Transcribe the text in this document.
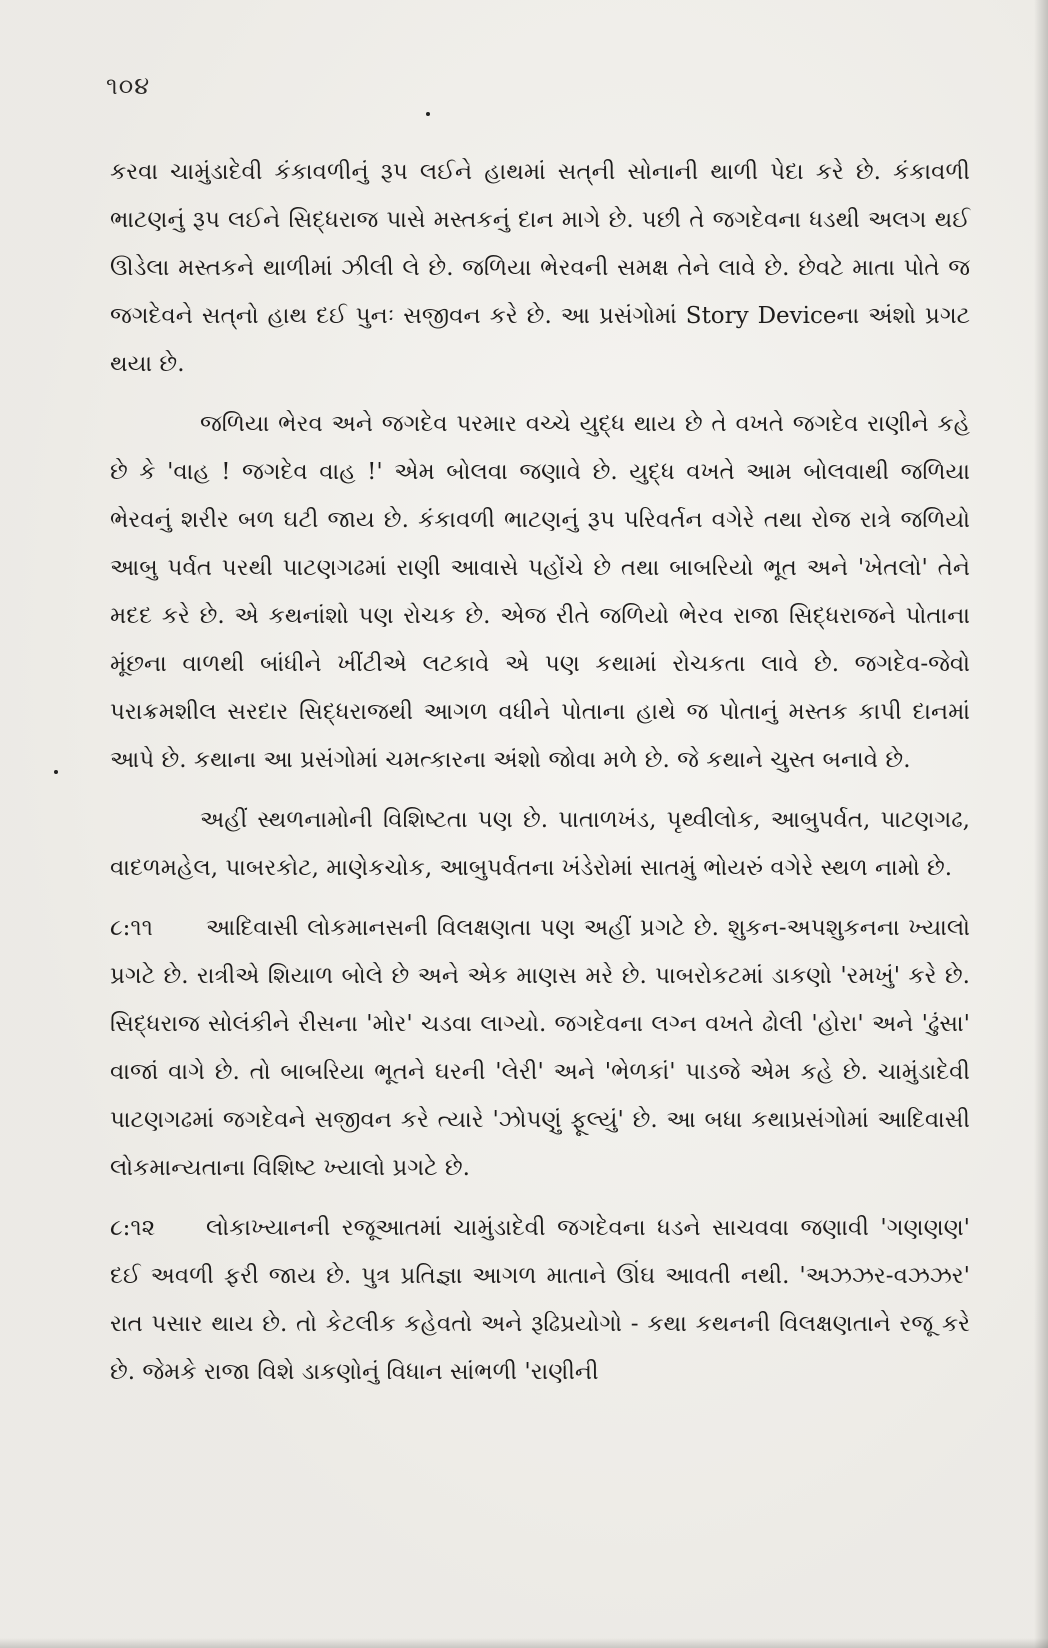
૧૦૪

કરવા ચામુંડાદેવી કંકાવળીનું રૂપ લઈને હાથમાં સત્‌ની સોનાની થાળી પેદા કરે છે. કંકાવળી ભાટણનું રૂપ લઈને સિદ્ધરાજ પાસે મસ્તકનું દાન માગે છે. પછી તે જગદેવના ધડથી અલગ થઈ ઊડેલા મસ્તકને થાળીમાં ઝીલી લે છે. જળિયા ભેરવની સમક્ષ તેને લાવે છે. છેવટે માતા પોતે જ જગદેવને સત્‌નો હાથ દઈ પુનઃ સજીવન કરે છે. આ પ્રસંગોમાં Story Deviceના અંશો પ્રગટ થયા છે.

જળિયા ભેરવ અને જગદેવ પરમાર વચ્ચે યુદ્ધ થાય છે તે વખતે જગદેવ રાણીને કહે છે કે 'વાહ ! જગદેવ વાહ !' એમ બોલવા જણાવે છે. યુદ્ધ વખતે આમ બોલવાથી જળિયા ભેરવનું શરીર બળ ઘટી જાય છે. કંકાવળી ભાટણનું રૂપ પરિવર્તન વગેરે તથા રોજ રાત્રે જળિયો આબુ પર્વત પરથી પાટણગઢમાં રાણી આવાસે પહોંચે છે તથા બાબરિયો ભૂત અને 'ખેતલો' તેને મદદ કરે છે. એ કથનાંશો પણ રોચક છે. એજ રીતે જળિયો ભેરવ રાજા સિદ્ધરાજને પોતાના મૂંછના વાળથી બાંધીને ખીંટીએ લટકાવે એ પણ કથામાં રોચકતા લાવે છે. જગદેવ-જેવો પરાક્રમશીલ સરદાર સિદ્ધરાજથી આગળ વધીને પોતાના હાથે જ પોતાનું મસ્તક કાપી દાનમાં આપે છે. કથાના આ પ્રસંગોમાં ચમત્કારના અંશો જોવા મળે છે. જે કથાને ચુસ્ત બનાવે છે.

અહીં સ્થળનામોની વિશિષ્ટતા પણ છે. પાતાળખંડ, પૃથ્વીલોક, આબુપર્વત, પાટણગઢ, વાદળમહેલ, પાબરકોટ, માણેકચોક, આબુપર્વતના ખંડેરોમાં સાતમું ભોયરું વગેરે સ્થળ નામો છે.

૮:૧૧ આદિવાસી લોકમાનસની વિલક્ષણતા પણ અહીં પ્રગટે છે. શુકન-અપશુકનના ખ્યાલો પ્રગટે છે. રાત્રીએ શિયાળ બોલે છે અને એક માણસ મરે છે. પાબરોકટમાં ડાકણો 'રમખું' કરે છે. સિદ્ધરાજ સોલંકીને રીસના 'મોર' ચડવા લાગ્યો. જગદેવના લગ્ન વખતે ઢોલી 'હોરા' અને 'ઢુંસા' વાજાં વાગે છે. તો બાબરિયા ભૂતને ઘરની 'લેરી' અને 'ભેળકાં' પાડજે એમ કહે છે. ચામુંડાદેવી પાટણગઢમાં જગદેવને સજીવન કરે ત્યારે 'ઝોપણું ફૂલ્યું' છે. આ બધા કથાપ્રસંગોમાં આદિવાસી લોકમાન્યતાના વિશિષ્ટ ખ્યાલો પ્રગટે છે.

૮:૧૨ લોકાખ્યાનની રજૂઆતમાં ચામુંડાદેવી જગદેવના ધડને સાચવવા જણાવી 'ગણણણ' દઈ અવળી ફરી જાય છે. પુત્ર પ્રતિજ્ઞા આગળ માતાને ઊંઘ આવતી નથી. 'અઝઝર-વઝઝર' રાત પસાર થાય છે. તો કેટલીક કહેવતો અને રૂઢિપ્રયોગો - કથા કથનની વિલક્ષણતાને રજૂ કરે છે. જેમકે રાજા વિશે ડાકણોનું વિધાન સાંભળી 'રાણીની
